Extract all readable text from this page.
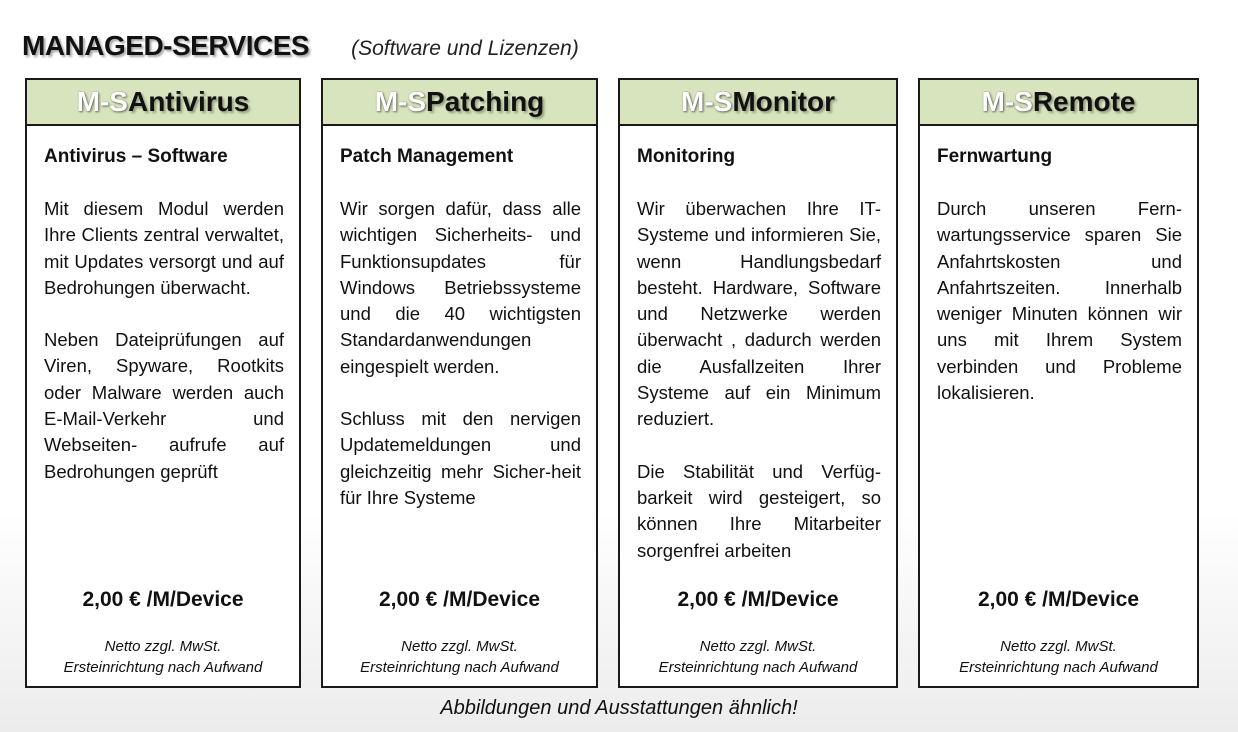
MANAGED-SERVICES (Software und Lizenzen)
M-S Antivirus
Antivirus – Software

Mit diesem Modul werden Ihre Clients zentral verwaltet, mit Updates versorgt und auf Bedrohungen überwacht.

Neben Dateiprüfungen auf Viren, Spyware, Rootkits oder Malware werden auch E-Mail-Verkehr und Webseiten- aufrufe auf Bedrohungen geprüft

2,00 € /M/Device
Netto zzgl. MwSt.
Ersteinrichtung nach Aufwand
M-S Patching
Patch Management

Wir sorgen dafür, dass alle wichtigen Sicherheits- und Funktionsupdates für Windows Betriebssysteme und die 40 wichtigsten Standardanwendungen eingespielt werden.

Schluss mit den nervigen Updatemeldungen und gleichzeitig mehr Sicher-heit für Ihre Systeme

2,00 € /M/Device
Netto zzgl. MwSt.
Ersteinrichtung nach Aufwand
M-S Monitor
Monitoring

Wir überwachen Ihre IT-Systeme und informieren Sie, wenn Handlungsbedarf besteht. Hardware, Software und Netzwerke werden überwacht , dadurch werden die Ausfallzeiten Ihrer Systeme auf ein Minimum reduziert.

Die Stabilität und Verfüg-barkeit wird gesteigert, so können Ihre Mitarbeiter sorgenfrei arbeiten

2,00 € /M/Device
Netto zzgl. MwSt.
Ersteinrichtung nach Aufwand
M-S Remote
Fernwartung

Durch unseren Fern-wartungsservice sparen Sie Anfahrtskosten und Anfahrtszeiten. Innerhalb weniger Minuten können wir uns mit Ihrem System verbinden und Probleme lokalisieren.

2,00 € /M/Device
Netto zzgl. MwSt.
Ersteinrichtung nach Aufwand
Abbildungen und Ausstattungen ähnlich!
